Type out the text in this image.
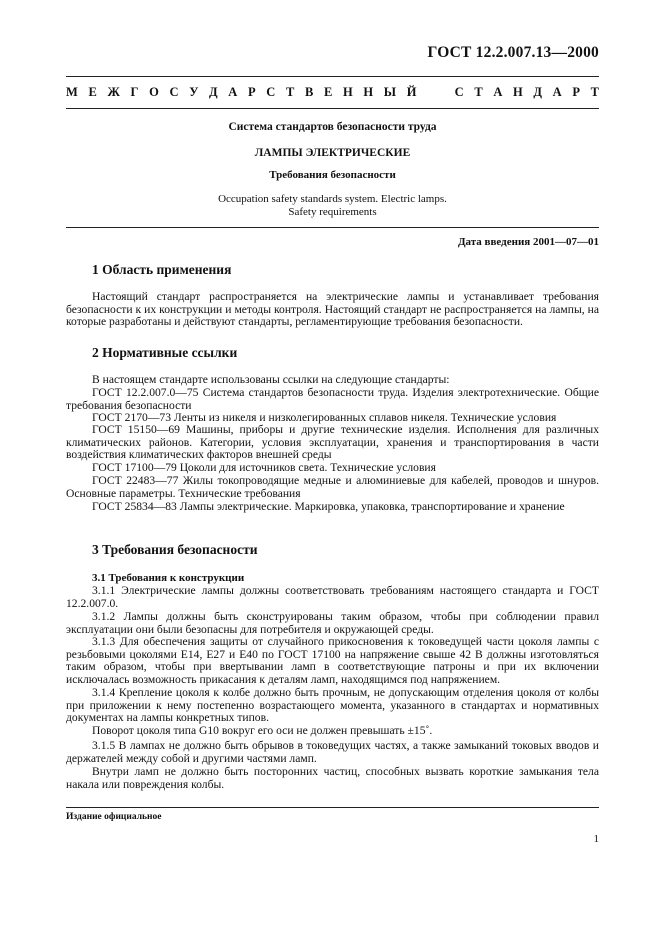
ГОСТ 12.2.007.13—2000
М Е Ж Г О С У Д А Р С Т В Е Н Н Ы Й

	С Т А Н Д А Р Т
Система стандартов безопасности труда
ЛАМПЫ ЭЛЕКТРИЧЕСКИЕ
Требования безопасности
Occupation safety standards system. Electric lamps.
Safety requirements
Дата введения 2001—07—01
1 Область применения

Настоящий стандарт распространяется на электрические лампы и устанавливает требования безопасности к их конструкции и методы контроля. Настоящий стандарт не распространяется на лампы, на которые разработаны и действуют стандарты, регламентирующие требования безопасности.

2 Нормативные ссылки

В настоящем стандарте использованы ссылки на следующие стандарты:

ГОСТ 12.2.007.0—75 Система стандартов безопасности труда. Изделия электротехнические. Общие требования безопасности

ГОСТ 2170—73 Ленты из никеля и низколегированных сплавов никеля. Технические условия

ГОСТ 15150—69 Машины, приборы и другие технические изделия. Исполнения для различных климатических районов. Категории, условия эксплуатации, хранения и транспортирования в части воздействия климатических факторов внешней среды

ГОСТ 17100—79 Цоколи для источников света. Технические условия

ГОСТ 22483—77 Жилы токопроводящие медные и алюминиевые для кабелей, проводов и шнуров. Основные параметры. Технические требования

ГОСТ 25834—83 Лампы электрические. Маркировка, упаковка, транспортирование и хранение

3 Требования безопасности
3.1 Требования к конструкции

3.1.1 Электрические лампы должны соответствовать требованиям настоящего стандарта и ГОСТ 12.2.007.0.

3.1.2 Лампы должны быть сконструированы таким образом, чтобы при соблюдении правил эксплуатации они были безопасны для потребителя и окружающей среды.

3.1.3 Для обеспечения защиты от случайного прикосновения к токоведущей части цоколя лампы с резьбовыми цоколями E14, E27 и E40 по ГОСТ 17100 на напряжение свыше 42 В должны изготовляться таким образом, чтобы при ввертывании ламп в соответствующие патроны и при их включении исключалась возможность прикасания к деталям ламп, находящимся под напряжением.

3.1.4 Крепление цоколя к колбе должно быть прочным, не допускающим отделения цоколя от колбы при приложении к нему постепенно возрастающего момента, указанного в стандартах и нормативных документах на лампы конкретных типов.

Поворот цоколя типа G10 вокруг его оси не должен превышать ±15˚.

3.1.5 В лампах не должно быть обрывов в токоведущих частях, а также замыканий токовых вводов и держателей между собой и другими частями ламп.

Внутри ламп не должно быть посторонних частиц, способных вызвать короткие замыкания тела накала или повреждения колбы.

Издание официальное
1
